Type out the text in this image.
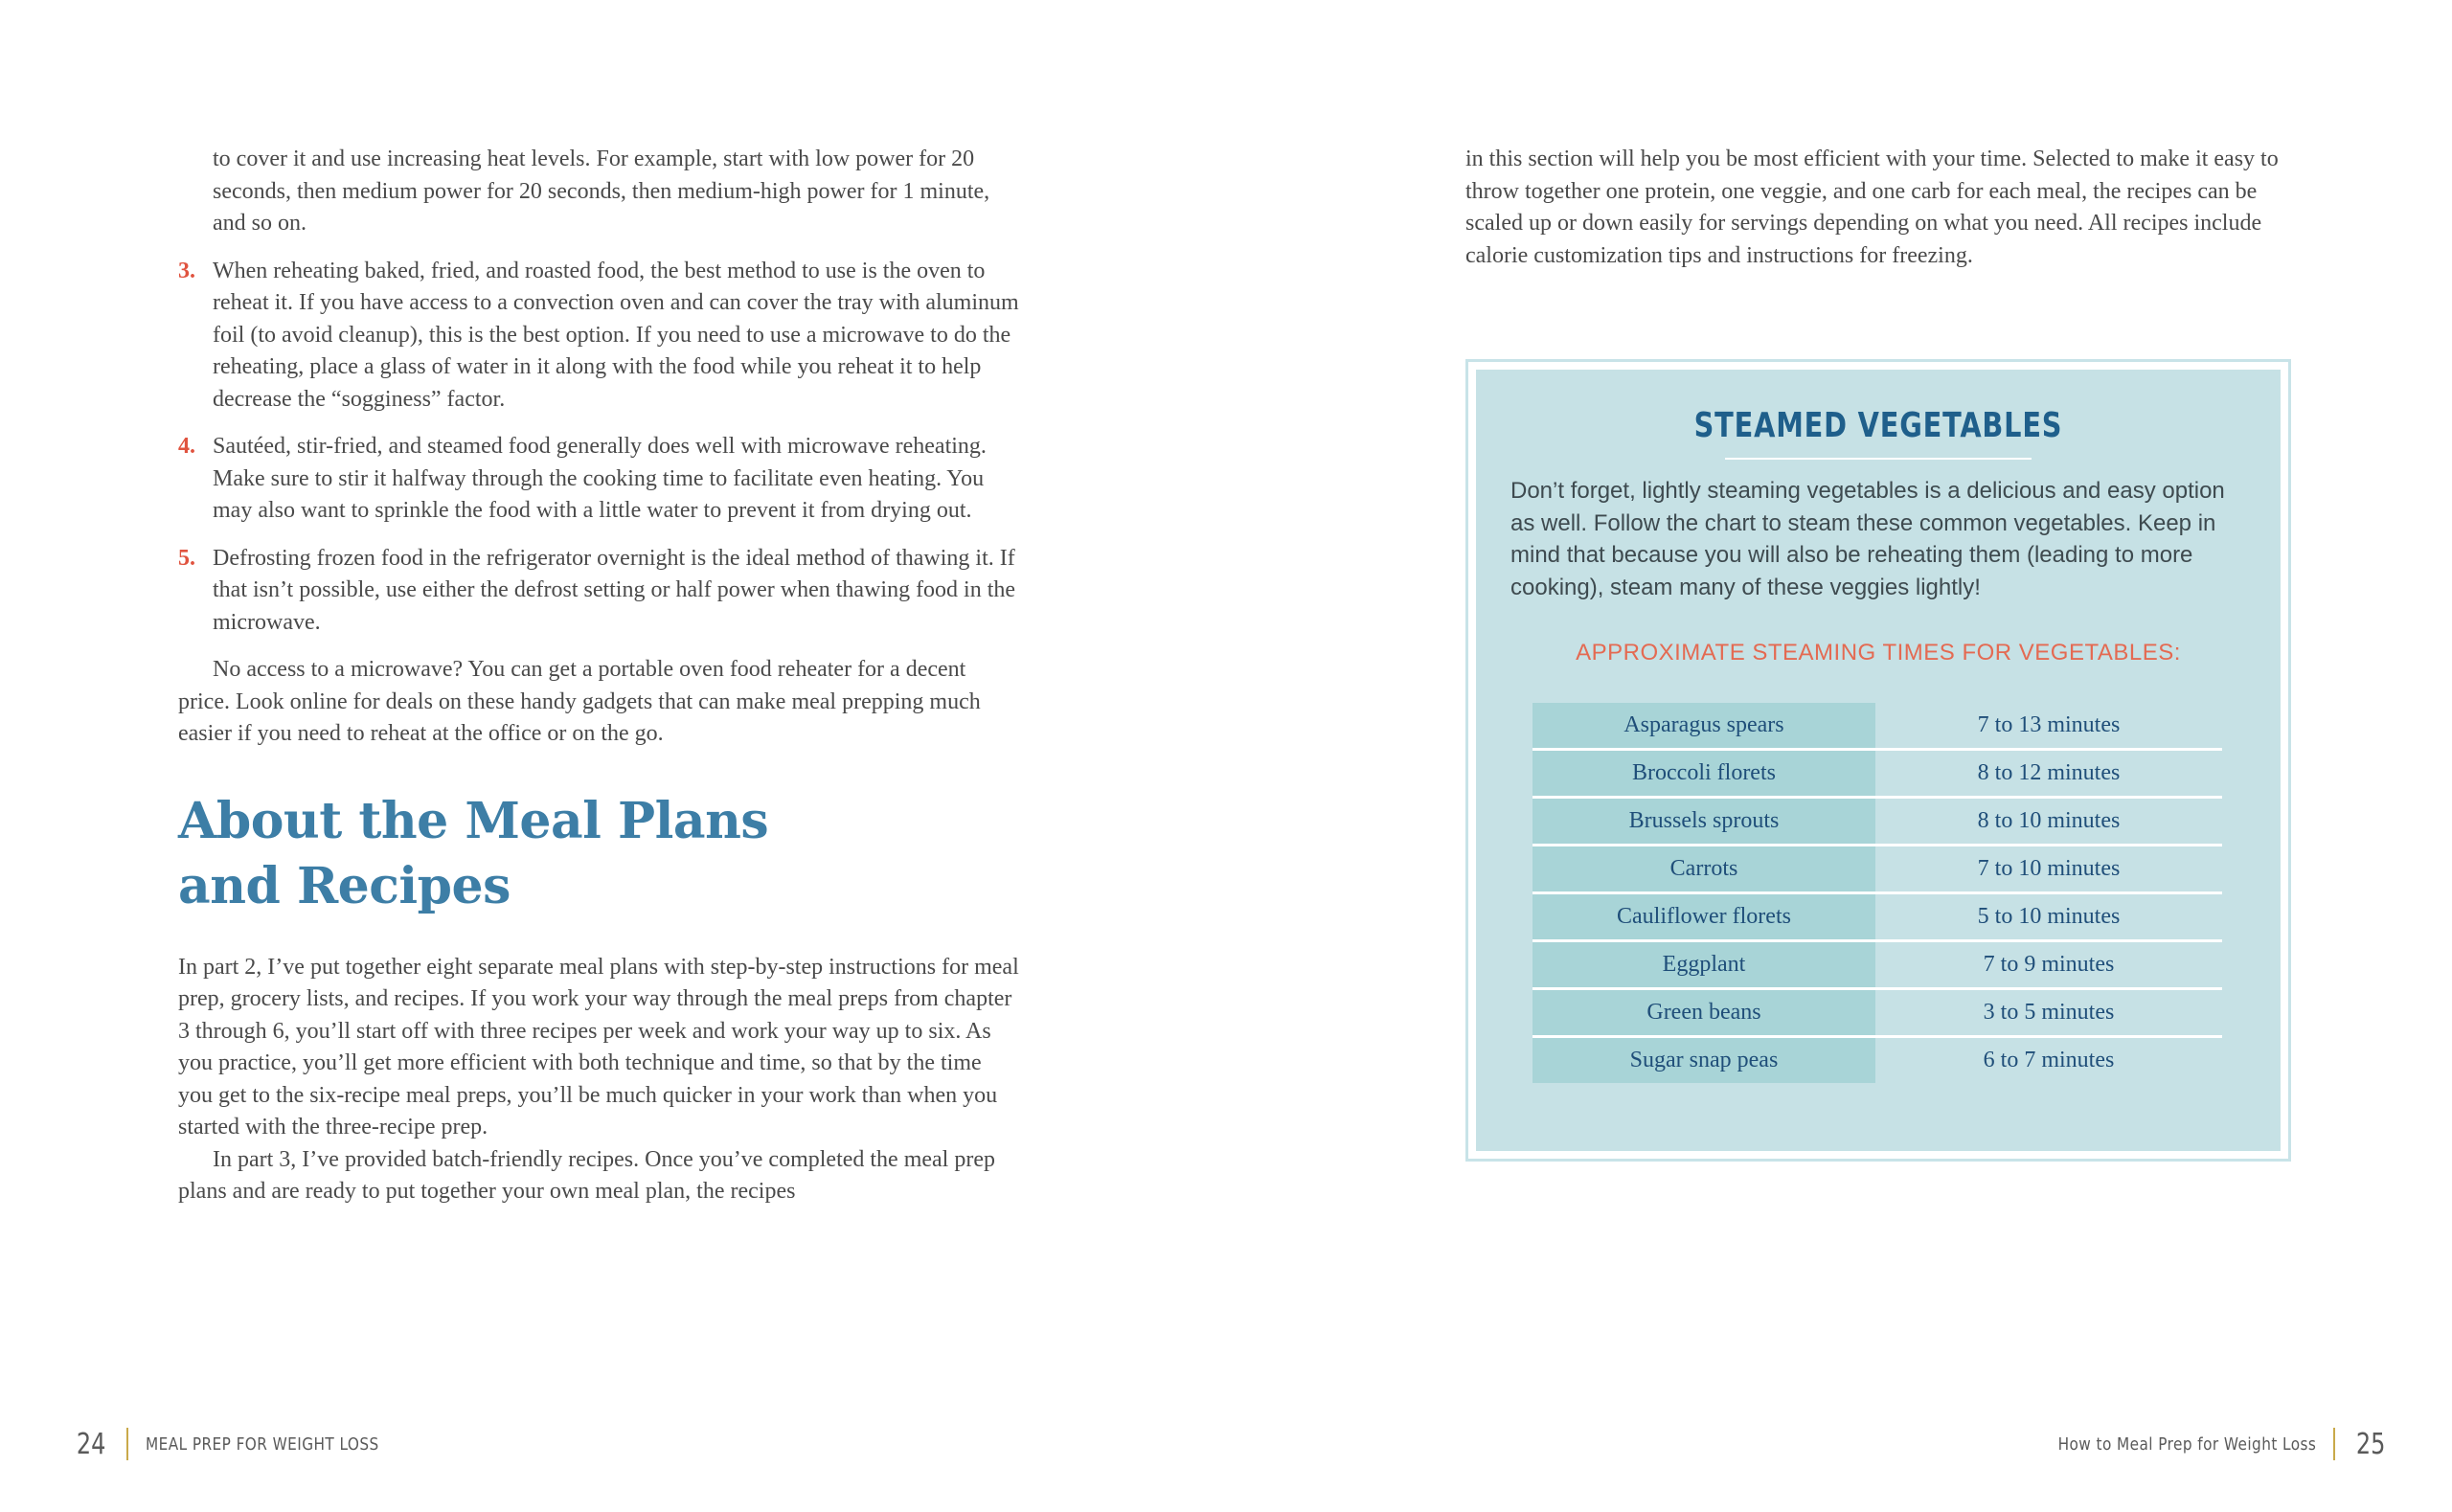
to cover it and use increasing heat levels. For example, start with low power for 20 seconds, then medium power for 20 seconds, then medium-high power for 1 minute, and so on.

3. When reheating baked, fried, and roasted food, the best method to use is the oven to reheat it. If you have access to a convection oven and can cover the tray with aluminum foil (to avoid cleanup), this is the best option. If you need to use a microwave to do the reheating, place a glass of water in it along with the food while you reheat it to help decrease the “sogginess” factor.

4. Sautéed, stir-fried, and steamed food generally does well with microwave reheating. Make sure to stir it halfway through the cooking time to facilitate even heating. You may also want to sprinkle the food with a little water to prevent it from drying out.

5. Defrosting frozen food in the refrigerator overnight is the ideal method of thawing it. If that isn’t possible, use either the defrost setting or half power when thawing food in the microwave.

No access to a microwave? You can get a portable oven food reheater for a decent price. Look online for deals on these handy gadgets that can make meal prepping much easier if you need to reheat at the office or on the go.

About the Meal Plans
and Recipes

In part 2, I’ve put together eight separate meal plans with step-by-step instructions for meal prep, grocery lists, and recipes. If you work your way through the meal preps from chapter 3 through 6, you’ll start off with three recipes per week and work your way up to six. As you practice, you’ll get more efficient with both technique and time, so that by the time you get to the six-recipe meal preps, you’ll be much quicker in your work than when you started with the three-recipe prep.

In part 3, I’ve provided batch-friendly recipes. Once you’ve completed the meal prep plans and are ready to put together your own meal plan, the recipes

in this section will help you be most efficient with your time. Selected to make it easy to throw together one protein, one veggie, and one carb for each meal, the recipes can be scaled up or down easily for servings depending on what you need. All recipes include calorie customization tips and instructions for freezing.

STEAMED VEGETABLES

Don’t forget, lightly steaming vegetables is a delicious and easy option as well. Follow the chart to steam these common vegetables. Keep in mind that because you will also be reheating them (leading to more cooking), steam many of these veggies lightly!

APPROXIMATE STEAMING TIMES FOR VEGETABLES:
Asparagus spears	7 to 13 minutes
Broccoli florets	8 to 12 minutes
Brussels sprouts	8 to 10 minutes
Carrots	7 to 10 minutes
Cauliflower florets	5 to 10 minutes
Eggplant	7 to 9 minutes
Green beans	3 to 5 minutes
Sugar snap peas	6 to 7 minutes
24 MEAL PREP FOR WEIGHT LOSS	How to Meal Prep for Weight Loss 25
